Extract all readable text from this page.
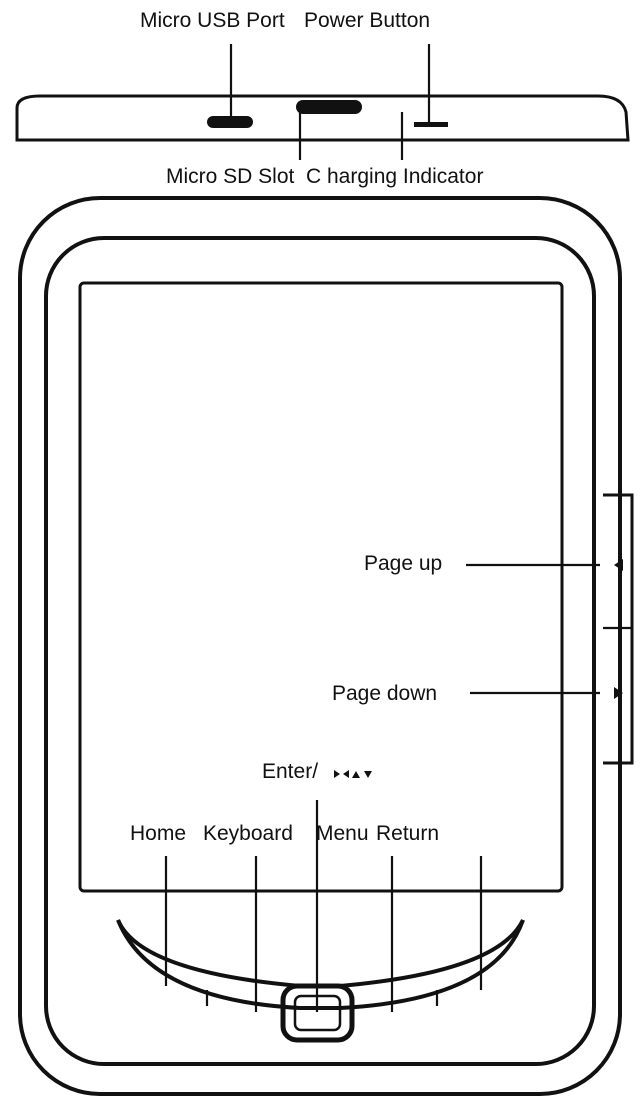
Micro USB Port Power Button
Micro SD Slot C harging Indicator
Page up
Page down
Enter/
Home Keyboard Menu Return
